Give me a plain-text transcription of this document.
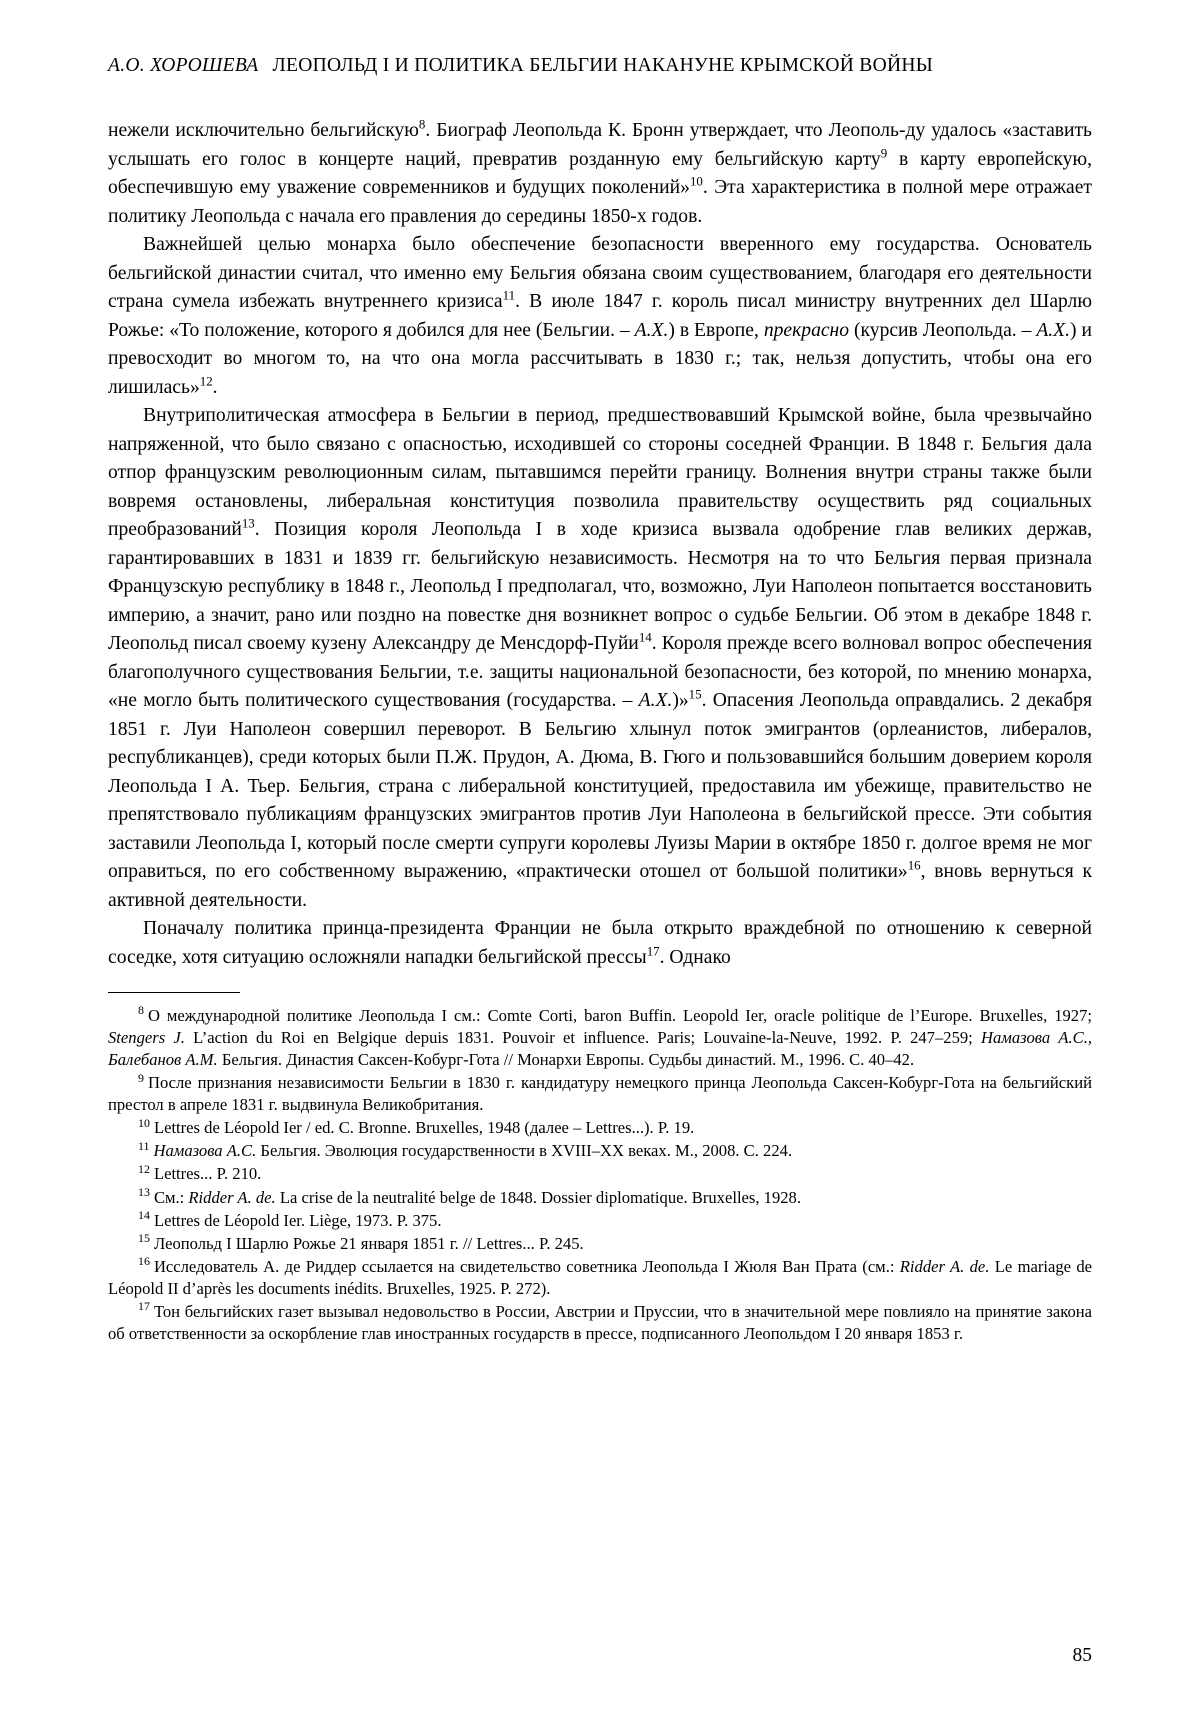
А.О. ХОРОШЕВА ЛЕОПОЛЬД I И ПОЛИТИКА БЕЛЬГИИ НАКАНУНЕ КРЫМСКОЙ ВОЙНЫ

нежели исключительно бельгийскую$^8$. Биограф Леопольда К. Бронн утверждает, что Леополь-ду удалось «заставить услышать его голос в концерте наций, превратив розданную ему бельгийскую карту$^9$ в карту европейскую, обеспечившую ему уважение современников и будущих поколений»$^{10}$. Эта характеристика в полной мере отражает политику Леопольда с начала его правления до середины 1850-х годов.

Важнейшей целью монарха было обеспечение безопасности вверенного ему государства. Основатель бельгийской династии считал, что именно ему Бельгия обязана своим существованием, благодаря его деятельности страна сумела избежать внутреннего кризиса$^{11}$. В июле 1847 г. король писал министру внутренних дел Шарлю Рожье: «То положение, которого я добился для нее (Бельгии. – А.Х.) в Европе, прекрасно (курсив Леопольда. – А.Х.) и превосходит во многом то, на что она могла рассчитывать в 1830 г.; так, нельзя допустить, чтобы она его лишилась»$^{12}$.

Внутриполитическая атмосфера в Бельгии в период, предшествовавший Крымской войне, была чрезвычайно напряженной, что было связано с опасностью, исходившей со стороны соседней Франции. В 1848 г. Бельгия дала отпор французским революционным силам, пытавшимся перейти границу. Волнения внутри страны также были вовремя остановлены, либеральная конституция позволила правительству осуществить ряд социальных преобразований$^{13}$. Позиция короля Леопольда I в ходе кризиса вызвала одобрение глав великих держав, гарантировавших в 1831 и 1839 гг. бельгийскую независимость. Несмотря на то что Бельгия первая признала Французскую республику в 1848 г., Леопольд I предполагал, что, возможно, Луи Наполеон попытается восстановить империю, а значит, рано или поздно на повестке дня возникнет вопрос о судьбе Бельгии. Об этом в декабре 1848 г. Леопольд писал своему кузену Александру де Менсдорф-Пуйи$^{14}$. Короля прежде всего волновал вопрос обеспечения благополучного существования Бельгии, т.е. защиты национальной безопасности, без которой, по мнению монарха, «не могло быть политического существования (государства. – А.Х.)»$^{15}$. Опасения Леопольда оправдались. 2 декабря 1851 г. Луи Наполеон совершил переворот. В Бельгию хлынул поток эмигрантов (орлеанистов, либералов, республиканцев), среди которых были П.Ж. Прудон, А. Дюма, В. Гюго и пользовавшийся большим доверием короля Леопольда I А. Тьер. Бельгия, страна с либеральной конституцией, предоставила им убежище, правительство не препятствовало публикациям французских эмигрантов против Луи Наполеона в бельгийской прессе. Эти события заставили Леопольда I, который после смерти супруги королевы Луизы Марии в октябре 1850 г. долгое время не мог оправиться, по его собственному выражению, «практически отошел от большой политики»$^{16}$, вновь вернуться к активной деятельности.

Поначалу политика принца-президента Франции не была открыто враждебной по отношению к северной соседке, хотя ситуацию осложняли нападки бельгийской прессы$^{17}$. Однако

$^8$ О международной политике Леопольда I см.: Comte Corti, baron Buffin. Leopold Ier, oracle politique de l’Europe. Bruxelles, 1927; Stengers J. L’action du Roi en Belgique depuis 1831. Pouvoir et influence. Paris; Louvaine-la-Neuve, 1992. P. 247–259; Намазова А.С., Балебанов А.М. Бельгия. Династия Саксен-Кобург-Гота // Монархи Европы. Судьбы династий. М., 1996. С. 40–42.

$^9$ После признания независимости Бельгии в 1830 г. кандидатуру немецкого принца Леопольда Саксен-Кобург-Гота на бельгийский престол в апреле 1831 г. выдвинула Великобритания.

$^{10}$ Lettres de Léopold Ier / ed. C. Bronne. Bruxelles, 1948 (далее – Lettres...). P. 19.

$^{11}$ Намазова А.С. Бельгия. Эволюция государственности в XVIII–XX веках. М., 2008. С. 224.

$^{12}$ Lettres... P. 210.

$^{13}$ См.: Ridder A. de. La crise de la neutralité belge de 1848. Dossier diplomatique. Bruxelles, 1928.

$^{14}$ Lettres de Léopold Ier. Liège, 1973. P. 375.

$^{15}$ Леопольд I Шарлю Рожье 21 января 1851 г. // Lettres... P. 245.

$^{16}$ Исследователь А. де Риддер ссылается на свидетельство советника Леопольда I Жюля Ван Прата (см.: Ridder A. de. Le mariage de Léopold II d’après les documents inédits. Bruxelles, 1925. P. 272).

$^{17}$ Тон бельгийских газет вызывал недовольство в России, Австрии и Пруссии, что в значительной мере повлияло на принятие закона об ответственности за оскорбление глав иностранных государств в прессе, подписанного Леопольдом I 20 января 1853 г.

85
